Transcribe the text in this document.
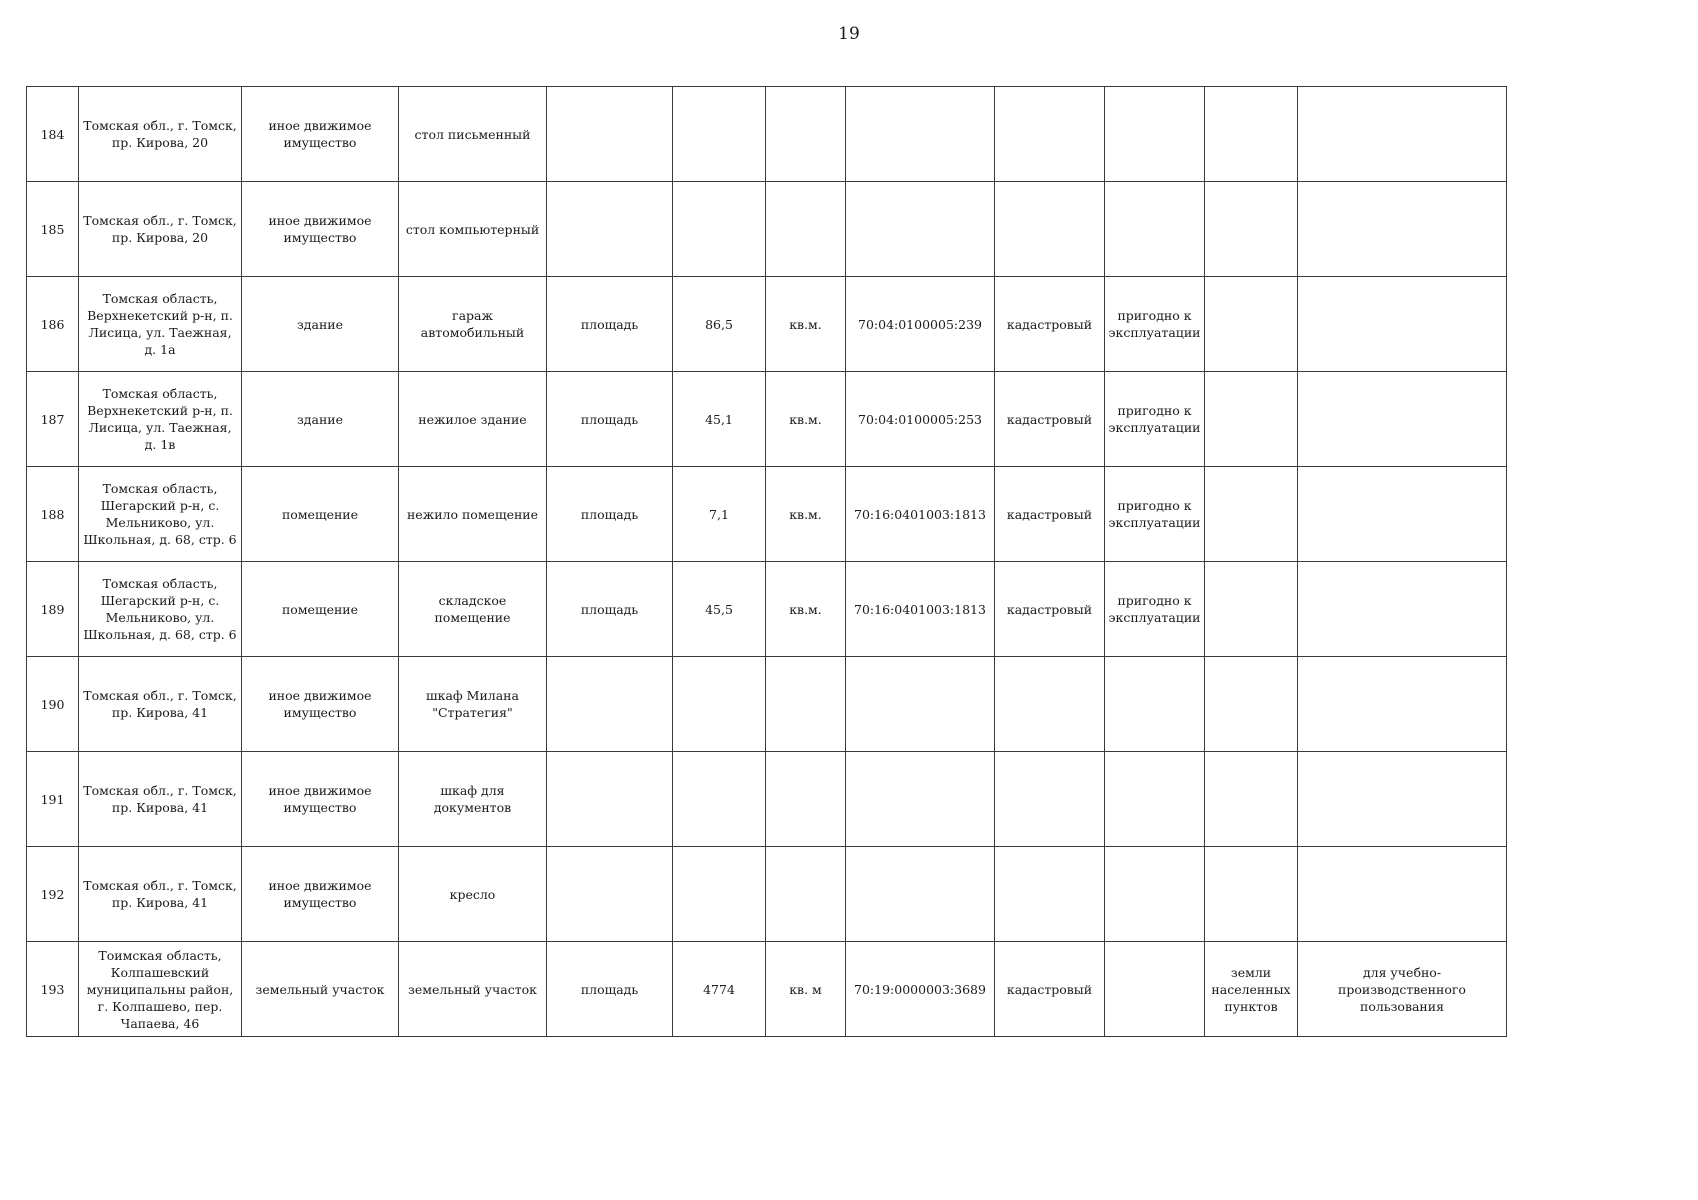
19
184	Томская обл., г. Томск, пр. Кирова, 20	иное движимое имущество	стол письменный								
185	Томская обл., г. Томск, пр. Кирова, 20	иное движимое имущество	стол компьютерный								
186	Томская область, Верхнекетский р-н, п. Лисица, ул. Таежная, д. 1а	здание	гараж автомобильный	площадь	86,5	кв.м.	70:04:0100005:239	кадастровый	пригодно к эксплуатации		
187	Томская область, Верхнекетский р-н, п. Лисица, ул. Таежная, д. 1в	здание	нежилое здание	площадь	45,1	кв.м.	70:04:0100005:253	кадастровый	пригодно к эксплуатации		
188	Томская область, Шегарский р-н, с. Мельниково, ул. Школьная, д. 68, стр. 6	помещение	нежило помещение	площадь	7,1	кв.м.	70:16:0401003:1813	кадастровый	пригодно к эксплуатации		
189	Томская область, Шегарский р-н, с. Мельниково, ул. Школьная, д. 68, стр. 6	помещение	складское помещение	площадь	45,5	кв.м.	70:16:0401003:1813	кадастровый	пригодно к эксплуатации		
190	Томская обл., г. Томск, пр. Кирова, 41	иное движимое имущество	шкаф Милана "Стратегия"								
191	Томская обл., г. Томск, пр. Кирова, 41	иное движимое имущество	шкаф для документов								
192	Томская обл., г. Томск, пр. Кирова, 41	иное движимое имущество	кресло								
193	Тоимская область, Колпашевский муниципальны район, г. Колпашево, пер. Чапаева, 46	земельный участок	земельный участок	площадь	4774	кв. м	70:19:0000003:3689	кадастровый		земли населенных пунктов	для учебно-производственного пользования
